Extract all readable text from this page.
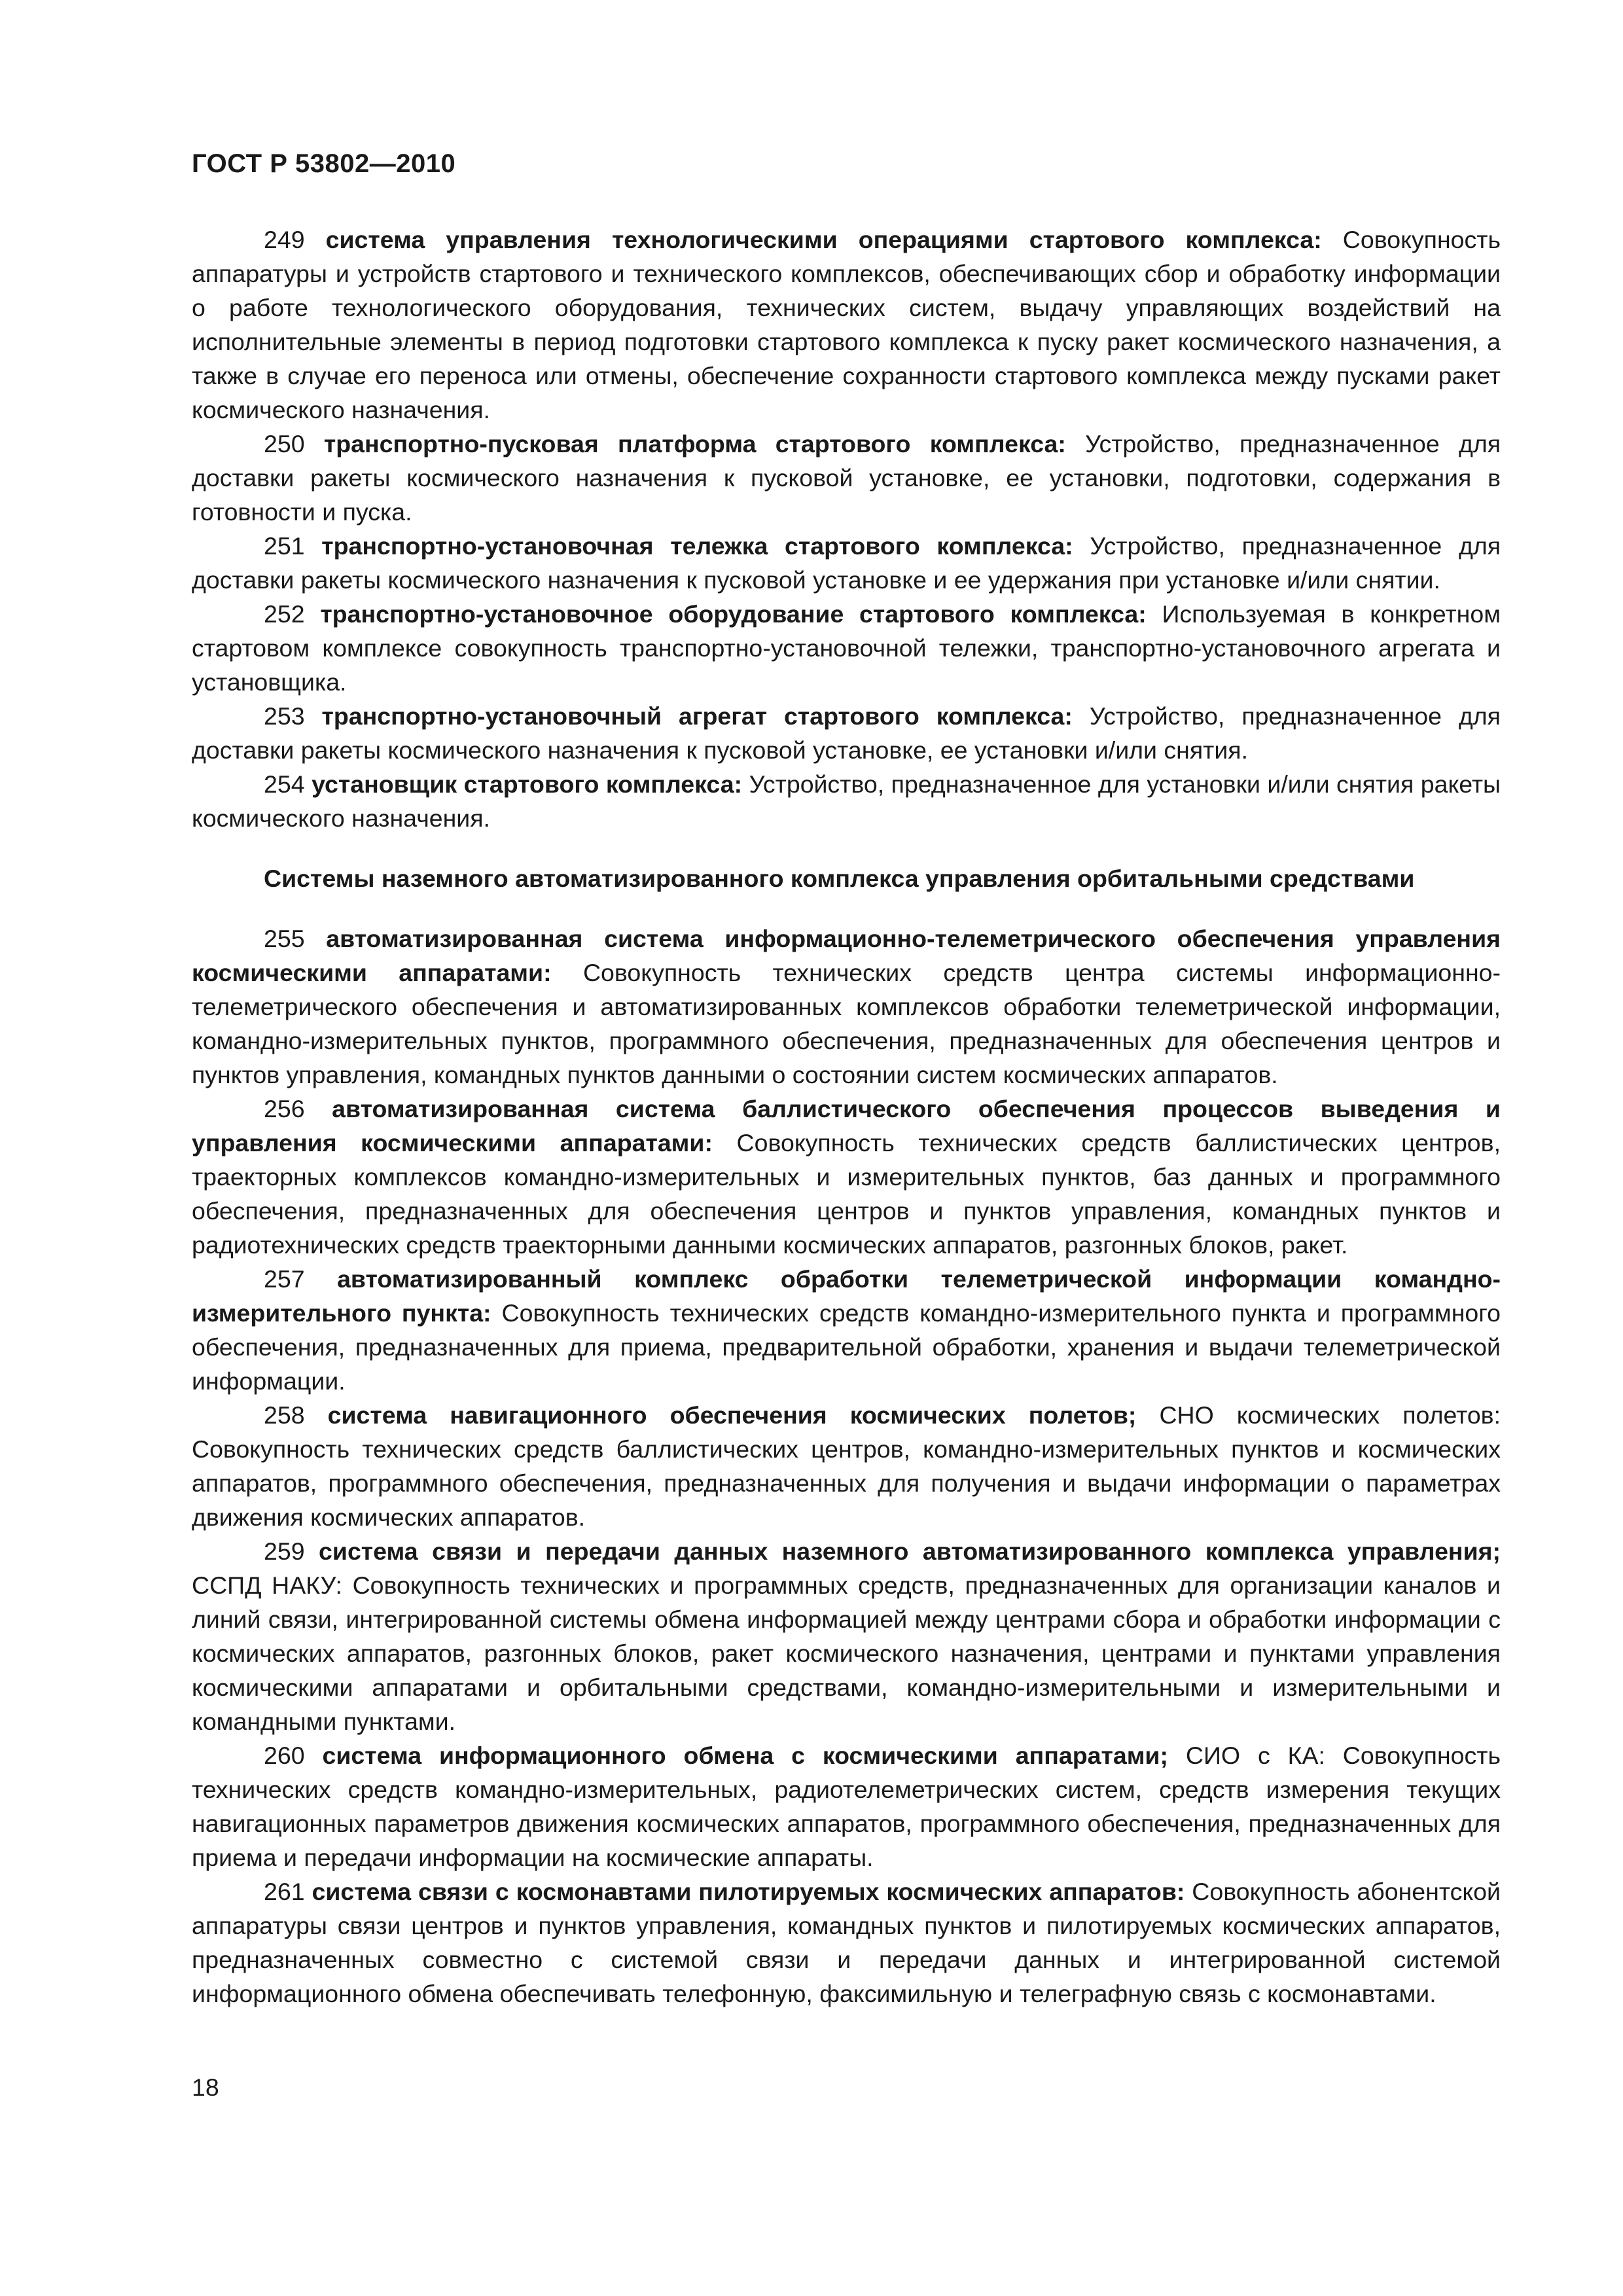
ГОСТ Р 53802—2010

249 система управления технологическими операциями стартового комплекса: Совокупность аппаратуры и устройств стартового и технического комплексов, обеспечивающих сбор и обработку информации о работе технологического оборудования, технических систем, выдачу управляющих воздействий на исполнительные элементы в период подготовки стартового комплекса к пуску ракет космического назначения, а также в случае его переноса или отмены, обеспечение сохранности стартового комплекса между пусками ракет космического назначения.

250 транспортно-пусковая платформа стартового комплекса: Устройство, предназначенное для доставки ракеты космического назначения к пусковой установке, ее установки, подготовки, содержания в готовности и пуска.

251 транспортно-установочная тележка стартового комплекса: Устройство, предназначенное для доставки ракеты космического назначения к пусковой установке и ее удержания при установке и/или снятии.

252 транспортно-установочное оборудование стартового комплекса: Используемая в конкретном стартовом комплексе совокупность транспортно-установочной тележки, транспортно-установочного агрегата и установщика.

253 транспортно-установочный агрегат стартового комплекса: Устройство, предназначенное для доставки ракеты космического назначения к пусковой установке, ее установки и/или снятия.

254 установщик стартового комплекса: Устройство, предназначенное для установки и/или снятия ракеты космического назначения.

Системы наземного автоматизированного комплекса управления орбитальными средствами

255 автоматизированная система информационно-телеметрического обеспечения управления космическими аппаратами: Совокупность технических средств центра системы информационно-телеметрического обеспечения и автоматизированных комплексов обработки телеметрической информации, командно-измерительных пунктов, программного обеспечения, предназначенных для обеспечения центров и пунктов управления, командных пунктов данными о состоянии систем космических аппаратов.

256 автоматизированная система баллистического обеспечения процессов выведения и управления космическими аппаратами: Совокупность технических средств баллистических центров, траекторных комплексов командно-измерительных и измерительных пунктов, баз данных и программного обеспечения, предназначенных для обеспечения центров и пунктов управления, командных пунктов и радиотехнических средств траекторными данными космических аппаратов, разгонных блоков, ракет.

257 автоматизированный комплекс обработки телеметрической информации командно-измерительного пункта: Совокупность технических средств командно-измерительного пункта и программного обеспечения, предназначенных для приема, предварительной обработки, хранения и выдачи телеметрической информации.

258 система навигационного обеспечения космических полетов; СНО космических полетов: Совокупность технических средств баллистических центров, командно-измерительных пунктов и космических аппаратов, программного обеспечения, предназначенных для получения и выдачи информации о параметрах движения космических аппаратов.

259 система связи и передачи данных наземного автоматизированного комплекса управления; ССПД НАКУ: Совокупность технических и программных средств, предназначенных для организации каналов и линий связи, интегрированной системы обмена информацией между центрами сбора и обработки информации с космических аппаратов, разгонных блоков, ракет космического назначения, центрами и пунктами управления космическими аппаратами и орбитальными средствами, командно-измерительными и измерительными и командными пунктами.

260 система информационного обмена с космическими аппаратами; СИО с КА: Совокупность технических средств командно-измерительных, радиотелеметрических систем, средств измерения текущих навигационных параметров движения космических аппаратов, программного обеспечения, предназначенных для приема и передачи информации на космические аппараты.

261 система связи с космонавтами пилотируемых космических аппаратов: Совокупность абонентской аппаратуры связи центров и пунктов управления, командных пунктов и пилотируемых космических аппаратов, предназначенных совместно с системой связи и передачи данных и интегрированной системой информационного обмена обеспечивать телефонную, факсимильную и телеграфную связь с космонавтами.

18
